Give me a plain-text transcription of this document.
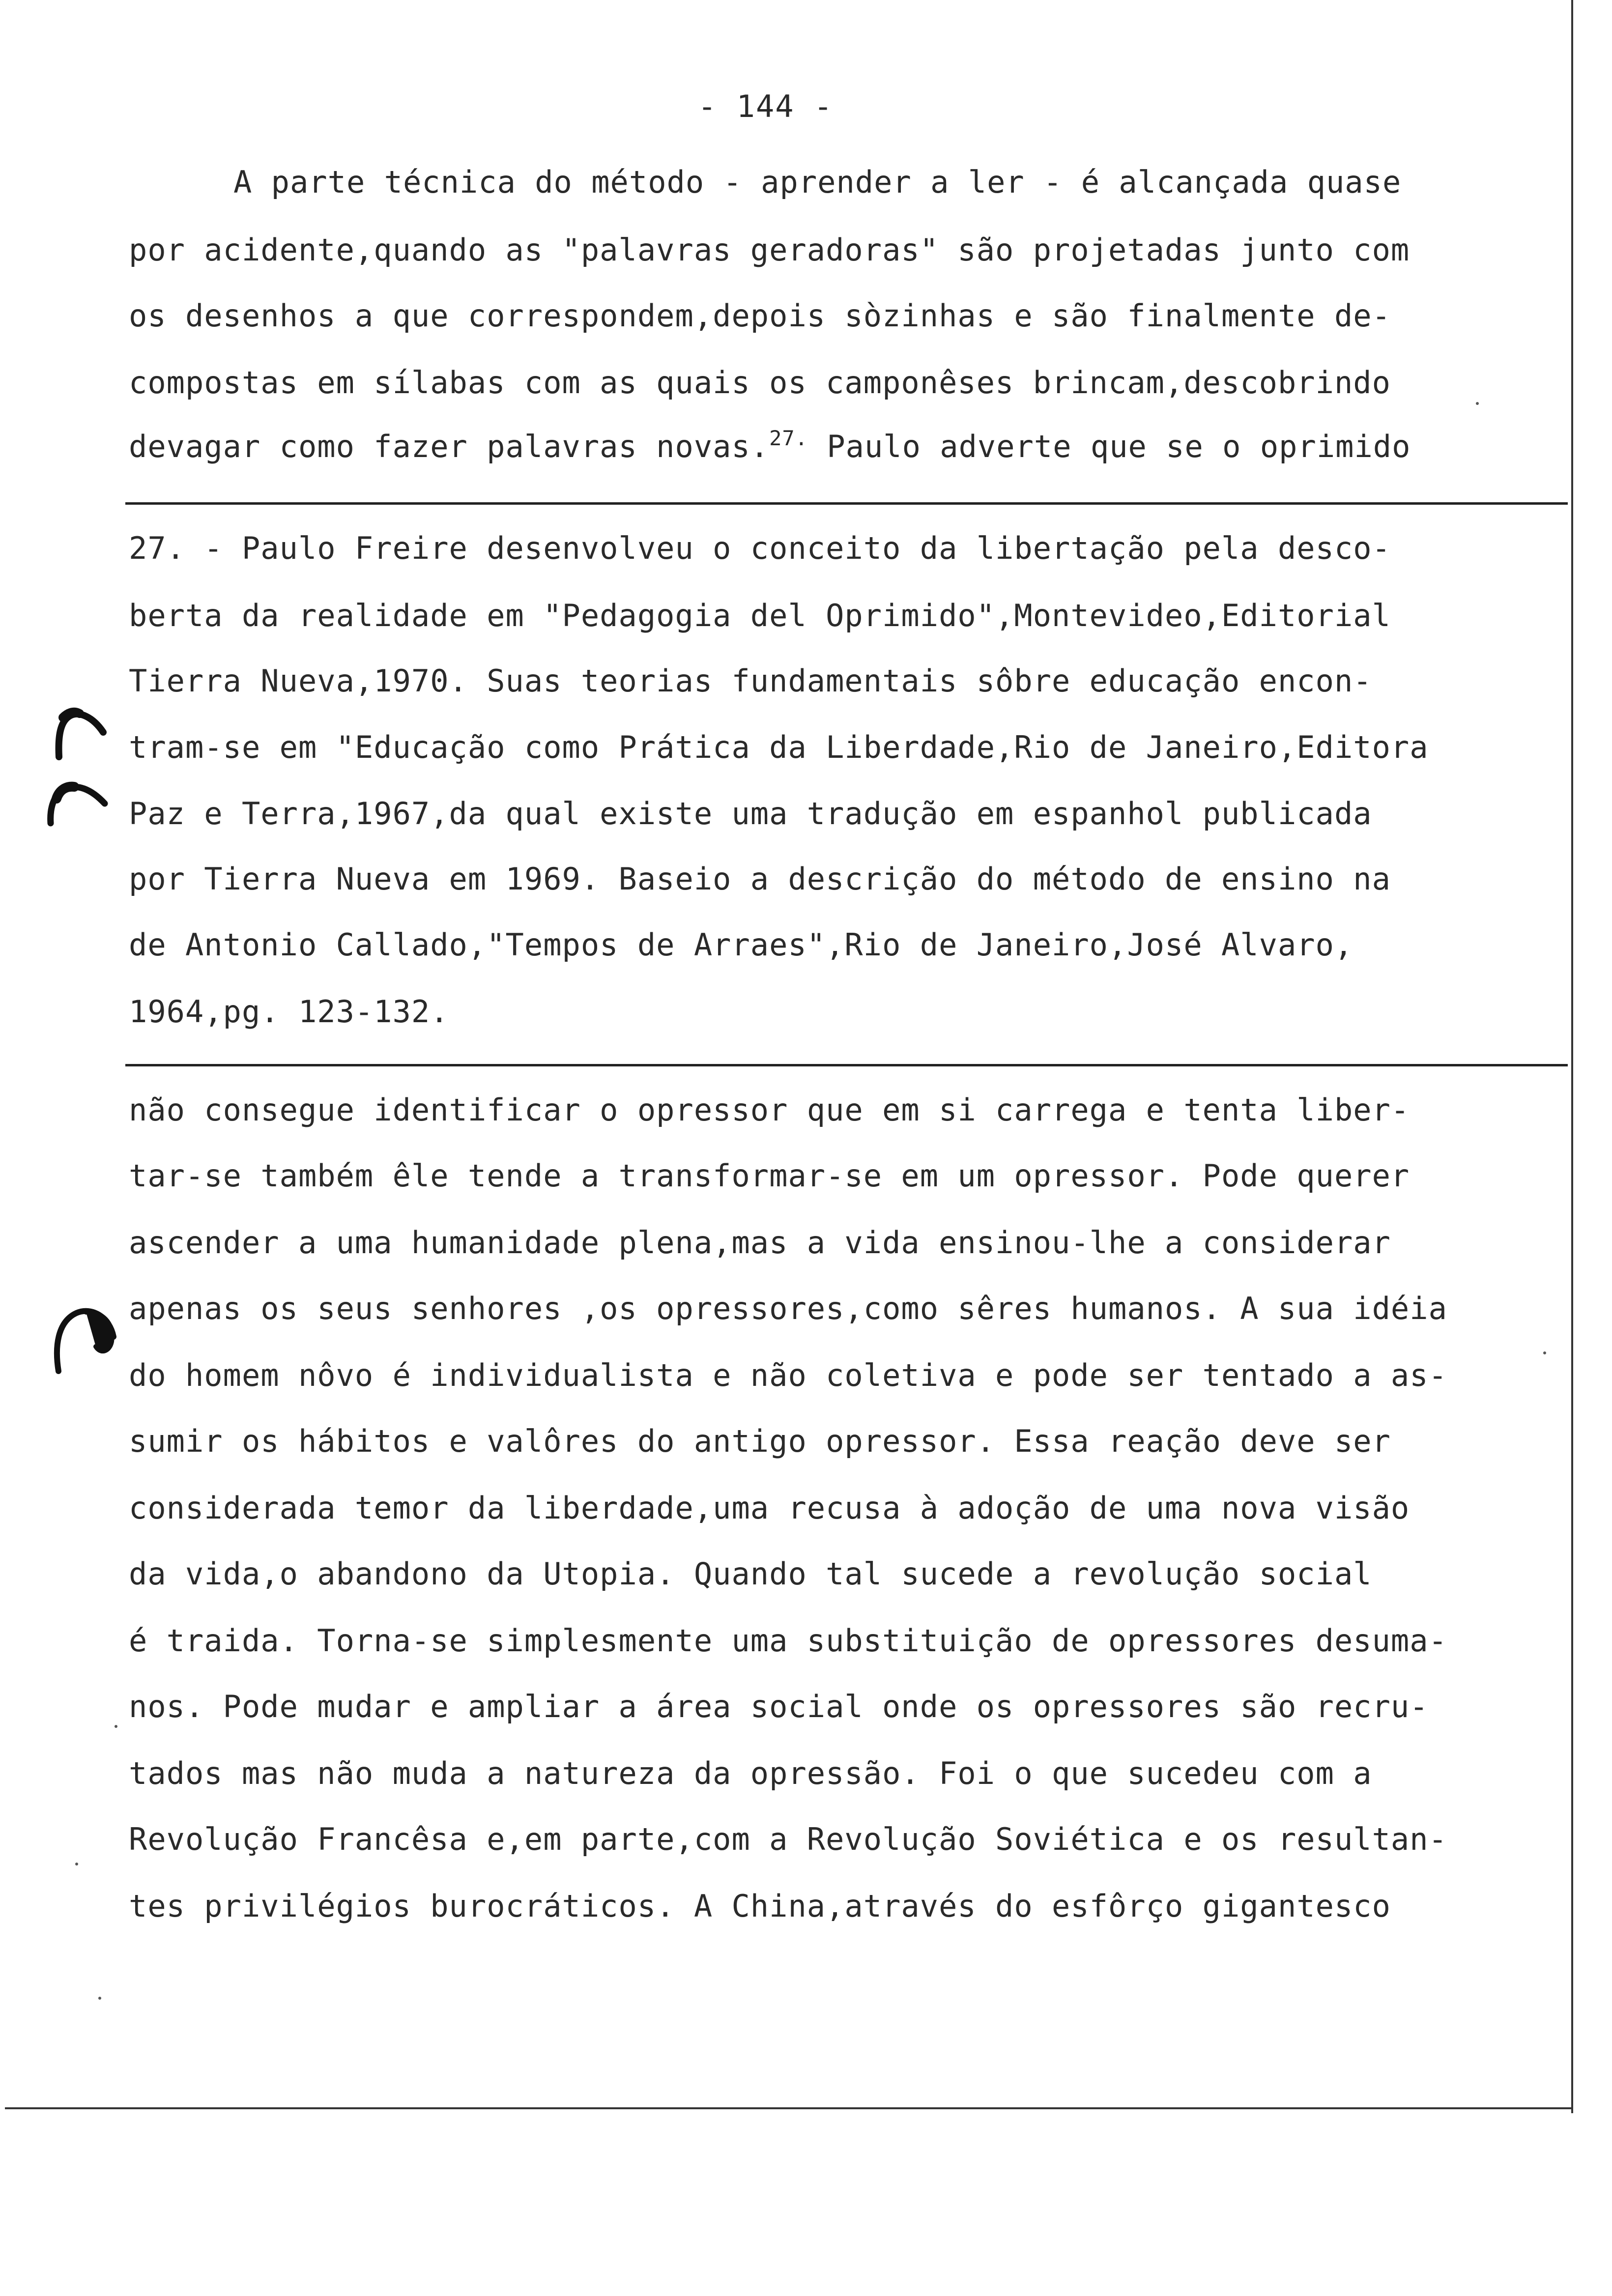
- 144 -
A parte técnica do método - aprender a ler - é alcançada quase
por acidente,quando as "palavras geradoras" são projetadas junto com
os desenhos a que correspondem,depois sòzinhas e são finalmente de-
compostas em sílabas com as quais os camponêses brincam,descobrindo
devagar como fazer palavras novas.$^{27.}$ Paulo adverte que se o oprimido
27. - Paulo Freire desenvolveu o conceito da libertação pela desco-
berta da realidade em "Pedagogia del Oprimido",Montevideo,Editorial
Tierra Nueva,1970. Suas teorias fundamentais sôbre educação encon-
tram-se em "Educação como Prática da Liberdade,Rio de Janeiro,Editora
Paz e Terra,1967,da qual existe uma tradução em espanhol publicada
por Tierra Nueva em 1969. Baseio a descrição do método de ensino na
de Antonio Callado,"Tempos de Arraes",Rio de Janeiro,José Alvaro,
1964,pg. 123-132.
não consegue identificar o opressor que em si carrega e tenta liber-
tar-se também êle tende a transformar-se em um opressor. Pode querer
ascender a uma humanidade plena,mas a vida ensinou-lhe a considerar
apenas os seus senhores ,os opressores,como sêres humanos. A sua idéia
do homem nôvo é individualista e não coletiva e pode ser tentado a as-
sumir os hábitos e valôres do antigo opressor. Essa reação deve ser
considerada temor da liberdade,uma recusa à adoção de uma nova visão
da vida,o abandono da Utopia. Quando tal sucede a revolução social
é traida. Torna-se simplesmente uma substituição de opressores desuma-
nos. Pode mudar e ampliar a área social onde os opressores são recru-
tados mas não muda a natureza da opressão. Foi o que sucedeu com a
Revolução Francêsa e,em parte,com a Revolução Soviética e os resultan-
tes privilégios burocráticos. A China,através do esfôrço gigantesco
